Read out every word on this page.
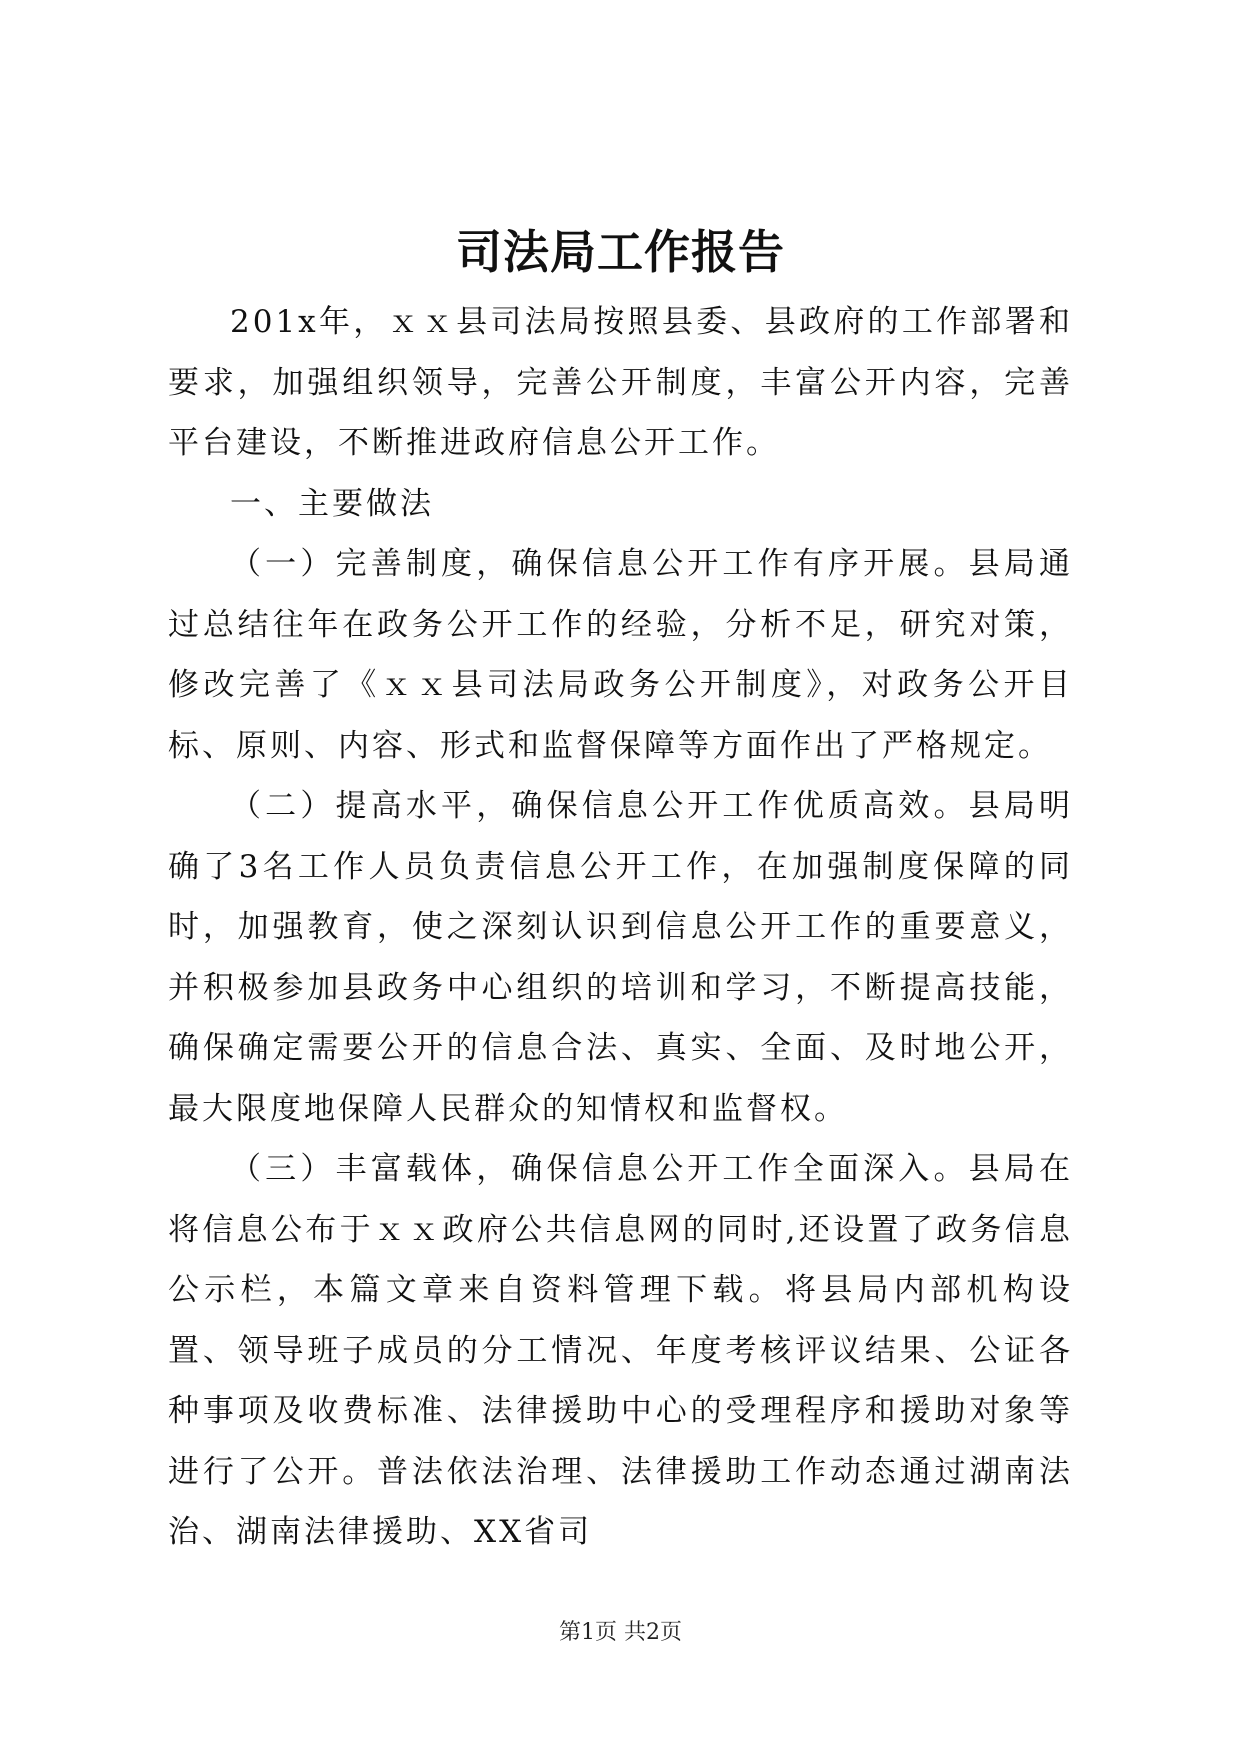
司法局工作报告

201x年，ｘｘ县司法局按照县委、县政府的工作部署和要求，加强组织领导，完善公开制度，丰富公开内容，完善平台建设，不断推进政府信息公开工作。

一、主要做法

（一）完善制度，确保信息公开工作有序开展。县局通过总结往年在政务公开工作的经验，分析不足，研究对策，修改完善了《ｘｘ县司法局政务公开制度》，对政务公开目标、原则、内容、形式和监督保障等方面作出了严格规定。

（二）提高水平，确保信息公开工作优质高效。县局明确了3名工作人员负责信息公开工作，在加强制度保障的同时，加强教育，使之深刻认识到信息公开工作的重要意义，并积极参加县政务中心组织的培训和学习，不断提高技能，确保确定需要公开的信息合法、真实、全面、及时地公开，最大限度地保障人民群众的知情权和监督权。

（三）丰富载体，确保信息公开工作全面深入。县局在将信息公布于ｘｘ政府公共信息网的同时,还设置了政务信息公示栏，本篇文章来自资料管理下载。将县局内部机构设置、领导班子成员的分工情况、年度考核评议结果、公证各种事项及收费标准、法律援助中心的受理程序和援助对象等进行了公开。普法依法治理、法律援助工作动态通过湖南法治、湖南法律援助、XX省司

第1页 共2页
